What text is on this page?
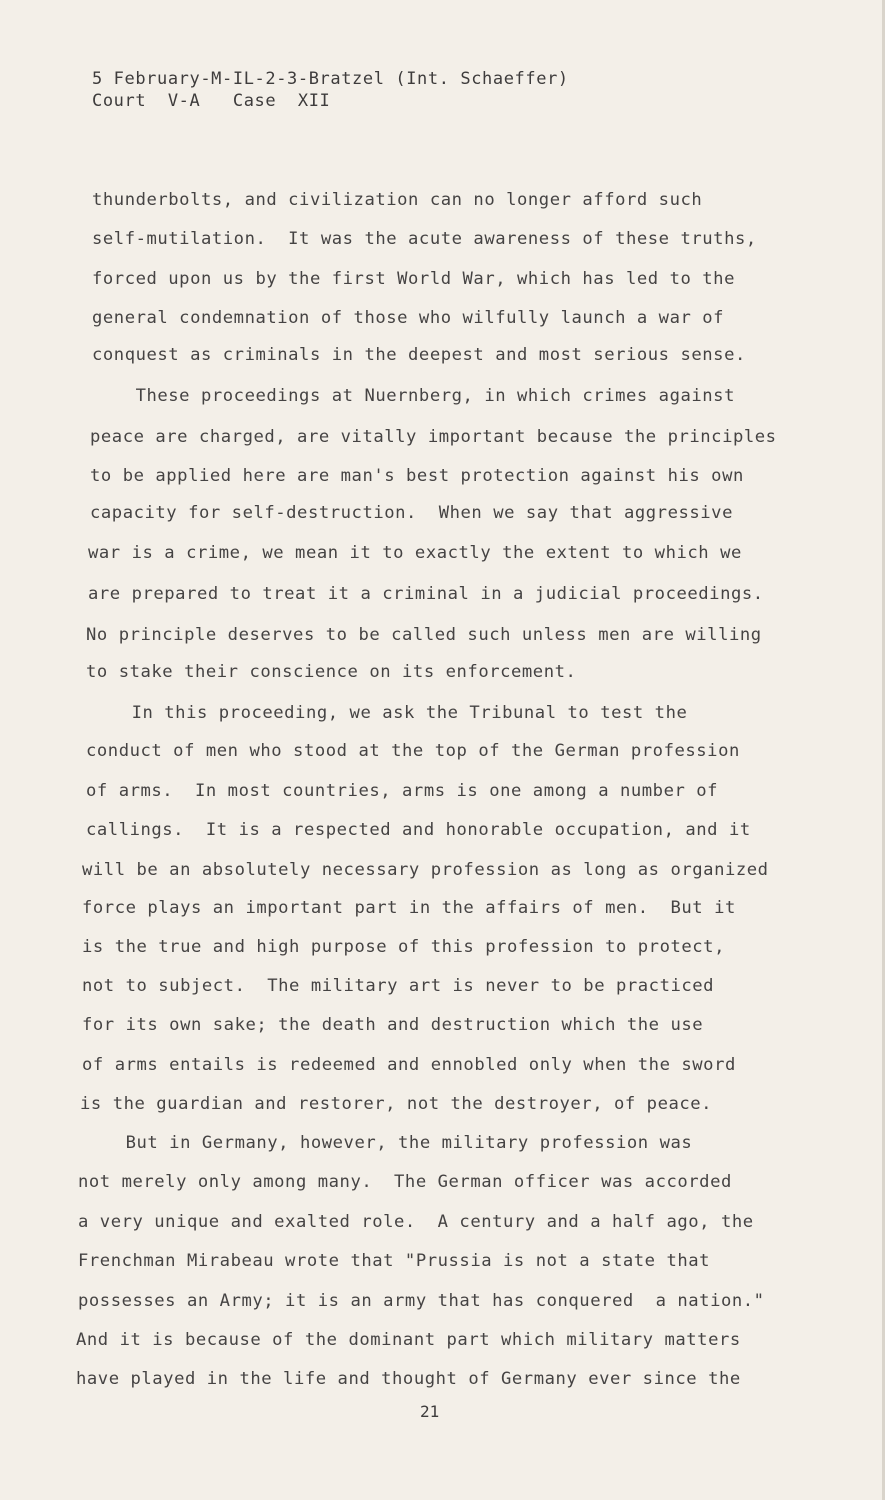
5 February-M-IL-2-3-Bratzel (Int. Schaeffer)
Court  V-A   Case  XII
thunderbolts, and civilization can no longer afford such
self-mutilation.  It was the acute awareness of these truths,
forced upon us by the first World War, which has led to the
general condemnation of those who wilfully launch a war of
conquest as criminals in the deepest and most serious sense.
These proceedings at Nuernberg, in which crimes against
peace are charged, are vitally important because the principles
to be applied here are man's best protection against his own
capacity for self-destruction.  When we say that aggressive
war is a crime, we mean it to exactly the extent to which we
are prepared to treat it a criminal in a judicial proceedings.
No principle deserves to be called such unless men are willing
to stake their conscience on its enforcement.
In this proceeding, we ask the Tribunal to test the
conduct of men who stood at the top of the German profession
of arms.  In most countries, arms is one among a number of
callings.  It is a respected and honorable occupation, and it
will be an absolutely necessary profession as long as organized
force plays an important part in the affairs of men.  But it
is the true and high purpose of this profession to protect,
not to subject.  The military art is never to be practiced
for its own sake; the death and destruction which the use
of arms entails is redeemed and ennobled only when the sword
is the guardian and restorer, not the destroyer, of peace.
But in Germany, however, the military profession was
not merely only among many.  The German officer was accorded
a very unique and exalted role.  A century and a half ago, the
Frenchman Mirabeau wrote that "Prussia is not a state that
possesses an Army; it is an army that has conquered  a nation."
And it is because of the dominant part which military matters
have played in the life and thought of Germany ever since the
21
